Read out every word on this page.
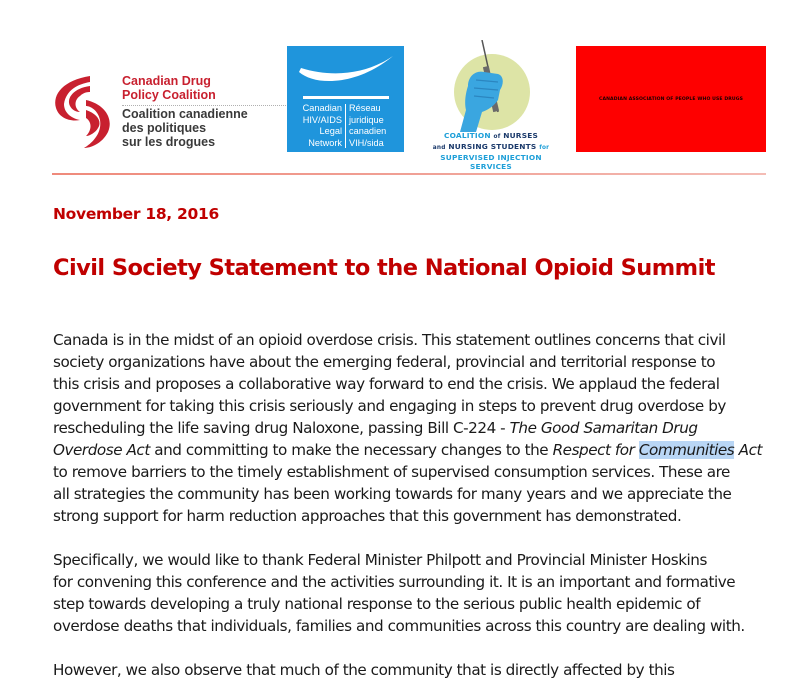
Canadian Drug
Policy Coalition
Coalition canadienne
des politiques
sur les drogues
Canadian
HIV/AIDS
Legal
Network
Réseau
juridique
canadien
VIH/sida
COALITION of NURSES
and NURSING STUDENTS for
SUPERVISED INJECTION SERVICES
CANADIAN ASSOCIATION OF PEOPLE WHO USE DRUGS
November 18, 2016
Civil Society Statement to the National Opioid Summit
Canada is in the midst of an opioid overdose crisis. This statement outlines concerns that civil
society organizations have about the emerging federal, provincial and territorial response to
this crisis and proposes a collaborative way forward to end the crisis. We applaud the federal
government for taking this crisis seriously and engaging in steps to prevent drug overdose by
rescheduling the life saving drug Naloxone, passing Bill C-224 - The Good Samaritan Drug
Overdose Act and committing to make the necessary changes to the Respect for Communities Act
to remove barriers to the timely establishment of supervised consumption services. These are
all strategies the community has been working towards for many years and we appreciate the
strong support for harm reduction approaches that this government has demonstrated.
Specifically, we would like to thank Federal Minister Philpott and Provincial Minister Hoskins
for convening this conference and the activities surrounding it. It is an important and formative
step towards developing a truly national response to the serious public health epidemic of
overdose deaths that individuals, families and communities across this country are dealing with.
However, we also observe that much of the community that is directly affected by this
